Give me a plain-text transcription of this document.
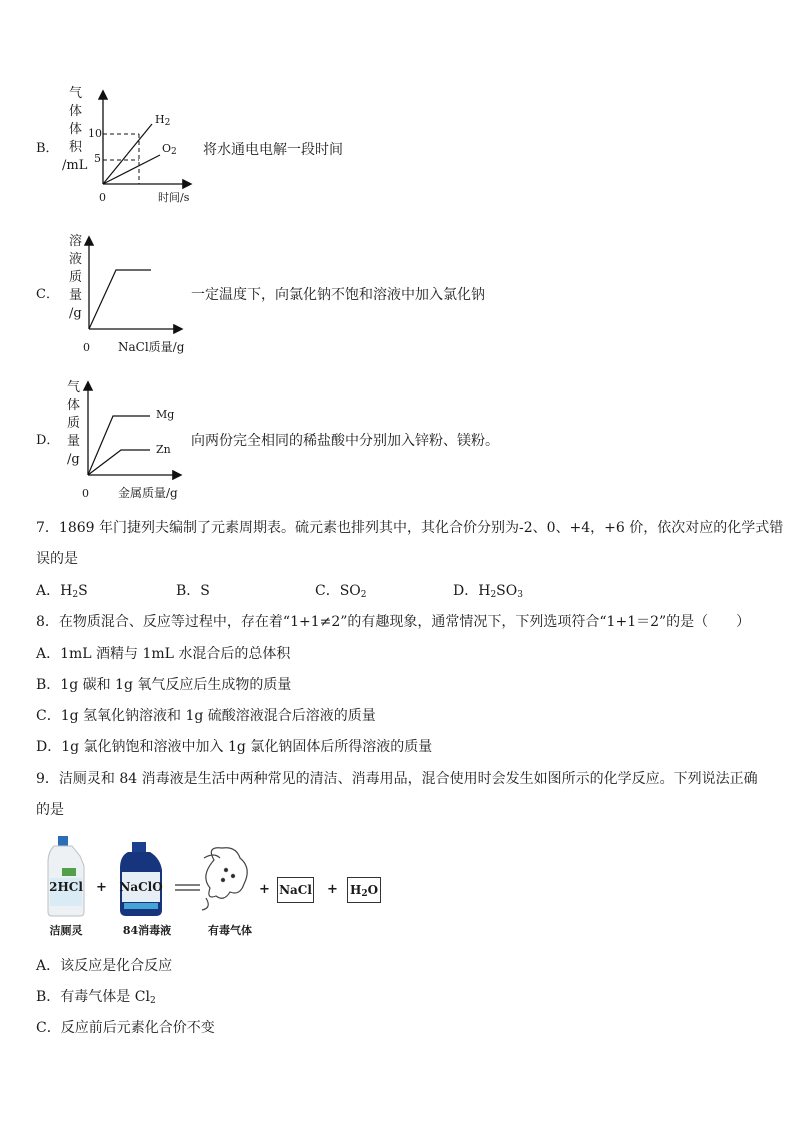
B．
气
体
体
积
/mL
10
5
0	时间/s
$H_2$
$O_2$ 将水通电电解一段时间
C．
溶
液
质
量
/g
0 NaCl质量/g
一定温度下，向氯化钠不饱和溶液中加入氯化钠
D．
气
体
质
量
/g
0 金属质量/g
Mg
Zn
向两份完全相同的稀盐酸中分别加入锌粉、镁粉。
7．1869 年门捷列夫编制了元素周期表。硫元素也排列其中，其化合价分别为-2、0、+4，+6 价，依次对应的化学式错
误的是
A．$H_2S$	B．S	C．$SO_2$	D．$H_2SO_3$
8．在物质混合、反应等过程中，存在着“1+1≠2”的有趣现象，通常情况下，下列选项符合“1+1＝2”的是（　　）
A．1mL 酒精与 1mL 水混合后的总体积
B．1g 碳和 1g 氧气反应后生成物的质量
C．1g 氢氧化钠溶液和 1g 硫酸溶液混合后溶液的质量
D．1g 氯化钠饱和溶液中加入 1g 氯化钠固体后所得溶液的质量
9．洁厕灵和 84 消毒液是生活中两种常见的清洁、消毒用品，混合使用时会发生如图所示的化学反应。下列说法正确
的是
2HCl	NaClO
+	+	+
NaCl	$H_2O$
洁厕灵	84消毒液	有毒气体
A．该反应是化合反应
B．有毒气体是 $Cl_2$
C．反应前后元素化合价不变
